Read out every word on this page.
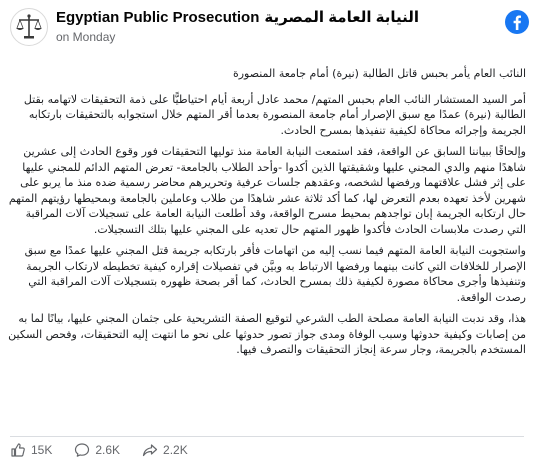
Egyptian Public Prosecution النيابة العامة المصرية
on Monday

النائب العام يأمر بحبس قاتل الطالبة (نيرة) أمام جامعة المنصورة

أمر السيد المستشار النائب العام بحبس المتهم/ محمد عادل أربعة أيام احتياطيًّا على ذمة التحقيقات لاتهامه بقتل الطالبة (نيرة) عمدًا مع سبق الإصرار أمام جامعة المنصورة بعدما أقر المتهم خلال استجوابه بالتحقيقات بارتكابه الجريمة وإجرائه محاكاة لكيفية تنفيذها بمسرح الحادث.

وإلحاقًا ببياننا السابق عن الواقعة، فقد استمعت النيابة العامة منذ توليها التحقيقات فور وقوع الحادث إلى عشرين شاهدًا منهم والدي المجني عليها وشقيقتها الذين أكدوا -وأحد الطلاب بالجامعة- تعرض المتهم الدائم للمجني عليها على إثر فشل علاقتهما ورفضها لشخصه، وعقدهم جلسات عرفية وتحريرهم محاضر رسمية ضده منذ ما يربو على شهرين لأخذ تعهده بعدم التعرض لها، كما أكد ثلاثة عشر شاهدًا من طلاب وعاملين بالجامعة وبمحيطها رؤيتهم المتهم حال ارتكابه الجريمة إبان تواجدهم بمحيط مسرح الواقعة، وقد أطلعت النيابة العامة على تسجيلات آلات المراقبة التي رصدت ملابسات الحادث فأكدوا ظهور المتهم حال تعديه على المجني عليها بتلك التسجيلات.

واستجوبت النيابة العامة المتهم فيما نسب إليه من اتهامات فأقر بارتكابه جريمة قتل المجني عليها عمدًا مع سبق الإصرار للخلافات التي كانت بينهما ورفضها الارتباط به وبيَّن في تفصيلات إقراره كيفية تخطيطه لارتكاب الجريمة وتنفيذها وأجرى محاكاة مصورة لكيفية ذلك بمسرح الحادث، كما أقر بصحة ظهوره بتسجيلات آلات المراقبة التي رصدت الواقعة.

هذا، وقد ندبت النيابة العامة مصلحة الطب الشرعي لتوقيع الصفة التشريحية على جثمان المجني عليها، بيانًا لما به من إصابات وكيفية حدوثها وسبب الوفاة ومدى جواز تصور حدوثها على نحو ما انتهت إليه التحقيقات، وفحص السكين المستخدم بالجريمة، وجار سرعة إنجاز التحقيقات والتصرف فيها.

15K	2.6K	2.2K
